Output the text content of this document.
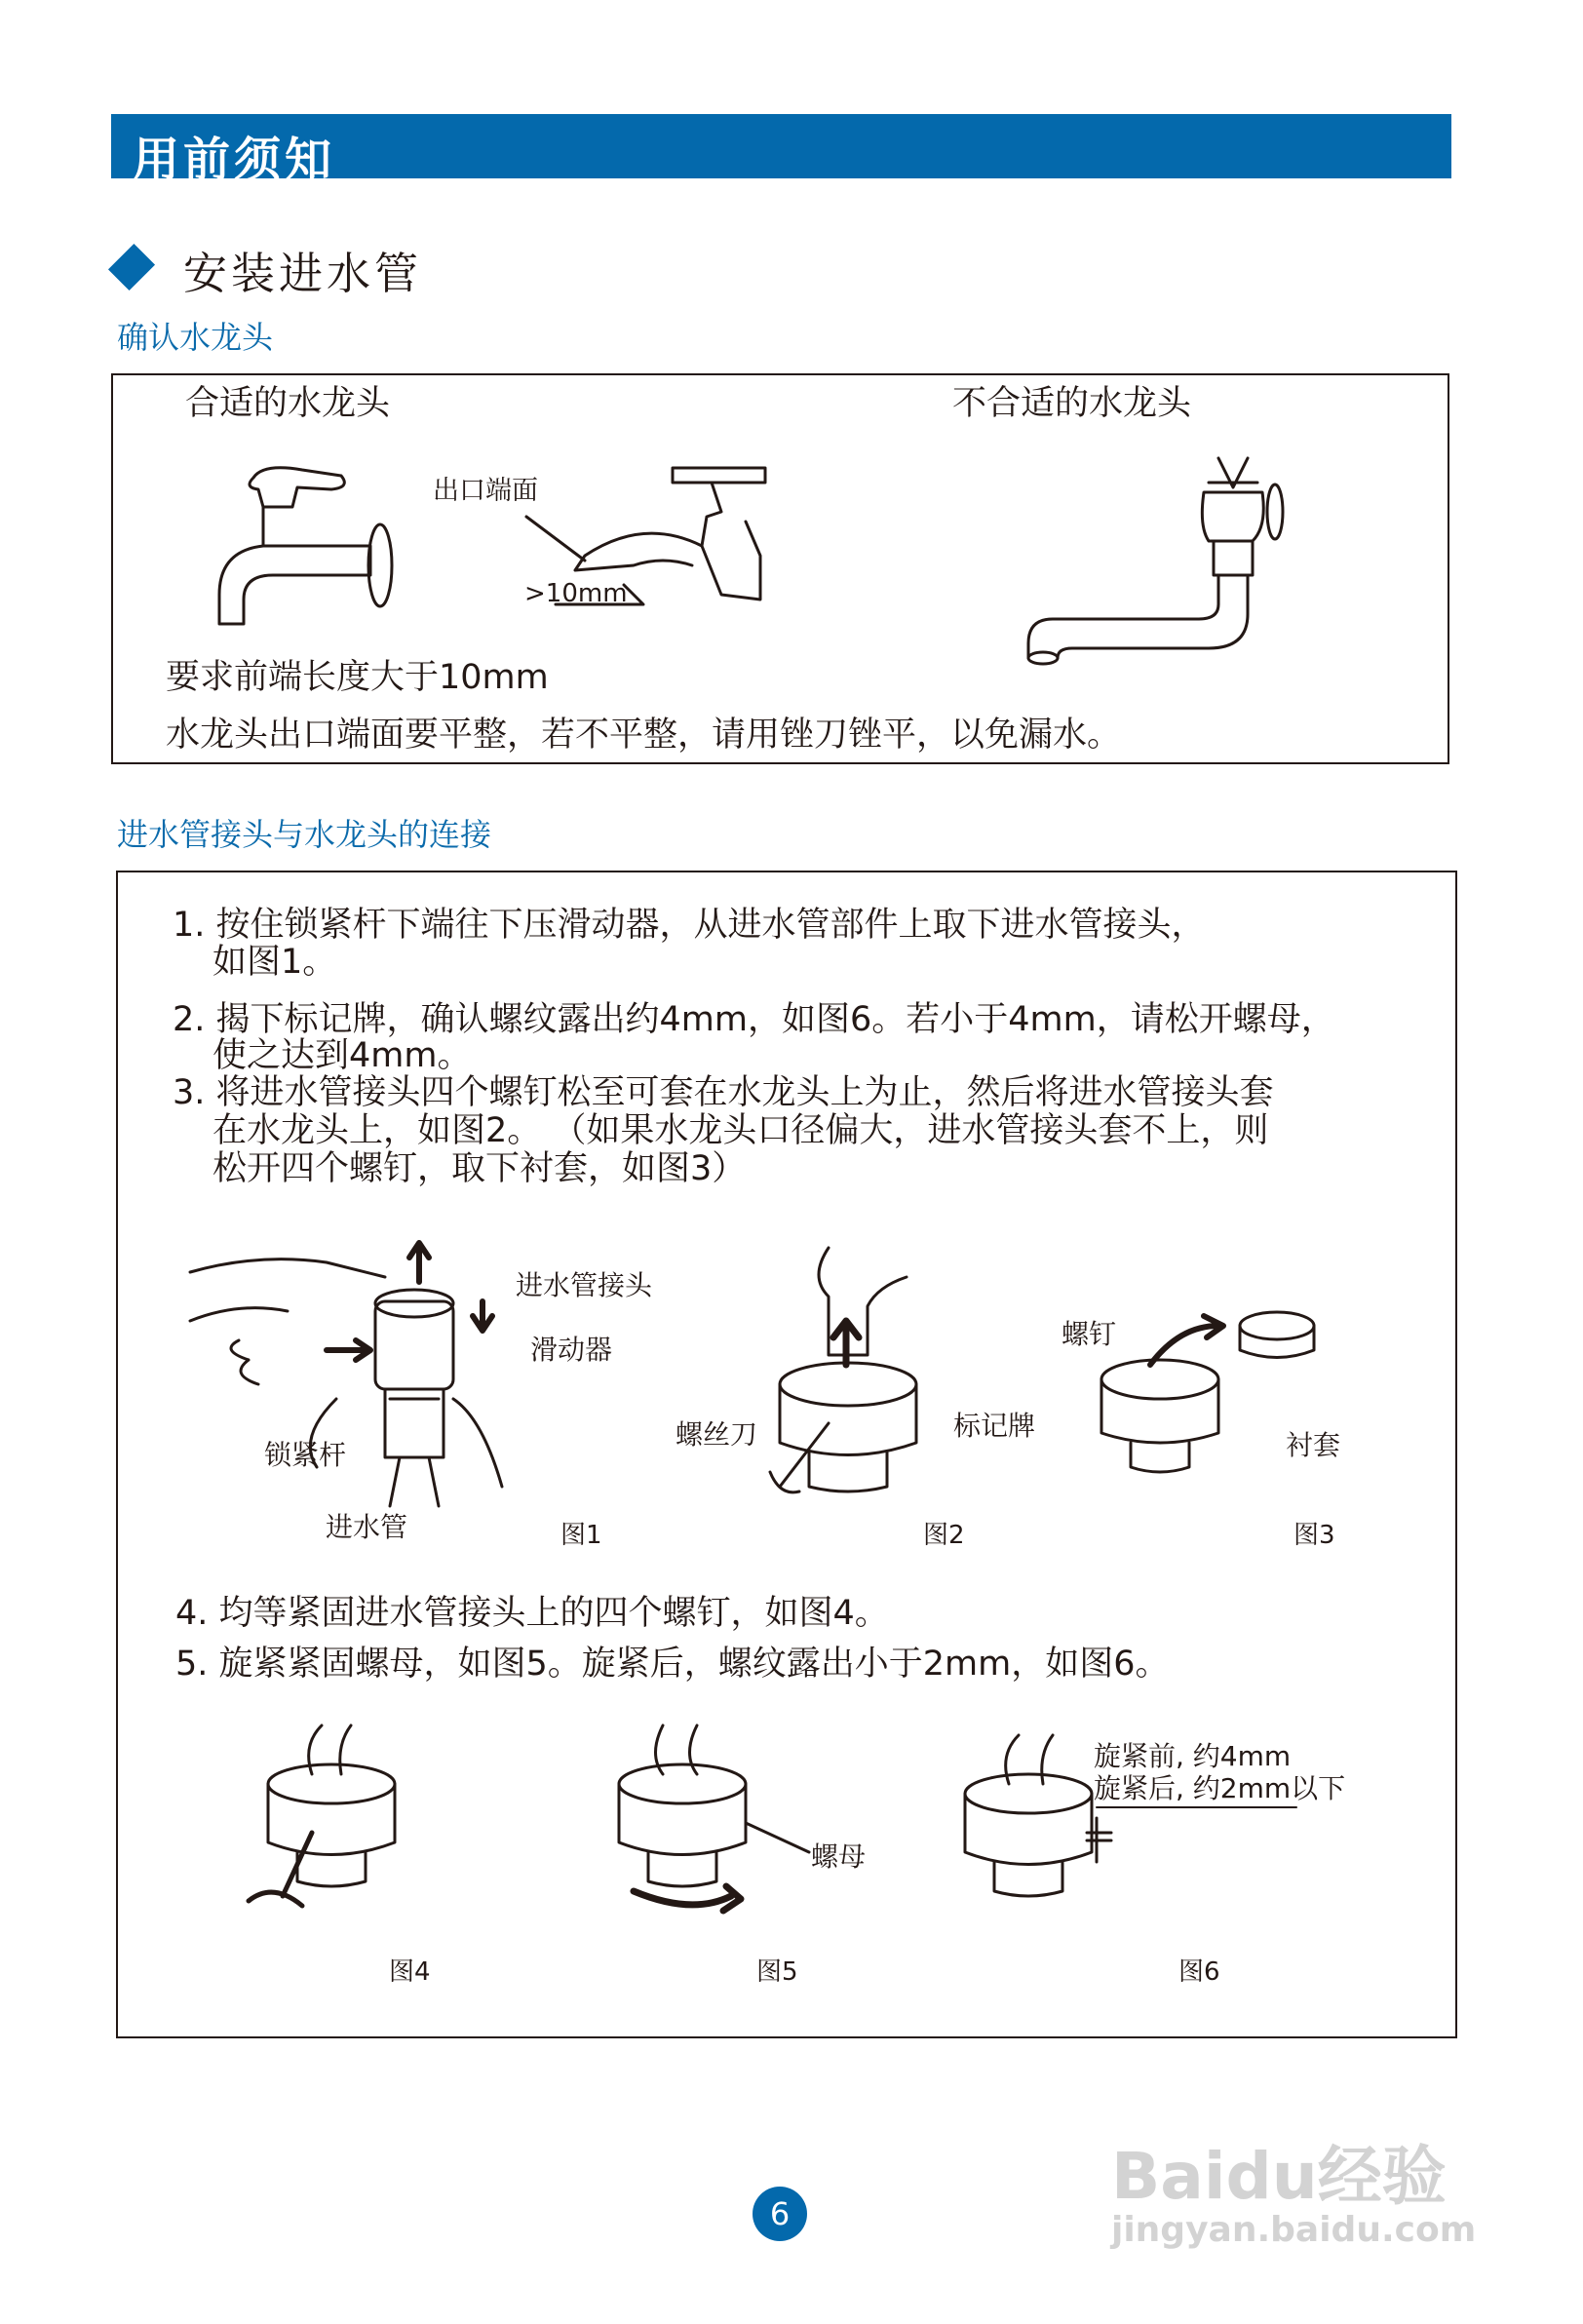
用前须知
安装进水管
确认水龙头
合适的水龙头	不合适的水龙头
出口端面
>10mm
要求前端长度大于10mm
水龙头出口端面要平整，若不平整，请用锉刀锉平，以免漏水。
进水管接头与水龙头的连接
1. 按住锁紧杆下端往下压滑动器，从进水管部件上取下进水管接头，
如图1。
2. 揭下标记牌，确认螺纹露出约4mm，如图6。若小于4mm，请松开螺母，
使之达到4mm。
3. 将进水管接头四个螺钉松至可套在水龙头上为止，然后将进水管接头套
在水龙头上，如图2。 （如果水龙头口径偏大，进水管接头套不上，则
松开四个螺钉，取下衬套，如图3）
进水管接头
滑动器
锁紧杆
进水管	图1
螺丝刀	标记牌
图2
螺钉
衬套
图3
4. 均等紧固进水管接头上的四个螺钉，如图4。
5. 旋紧紧固螺母，如图5。旋紧后，螺纹露出小于2mm，如图6。
螺母
旋紧前, 约4mm
旋紧后, 约2mm以下
图4	图5	图6
6	Baidu经验
jingyan.baidu.com
